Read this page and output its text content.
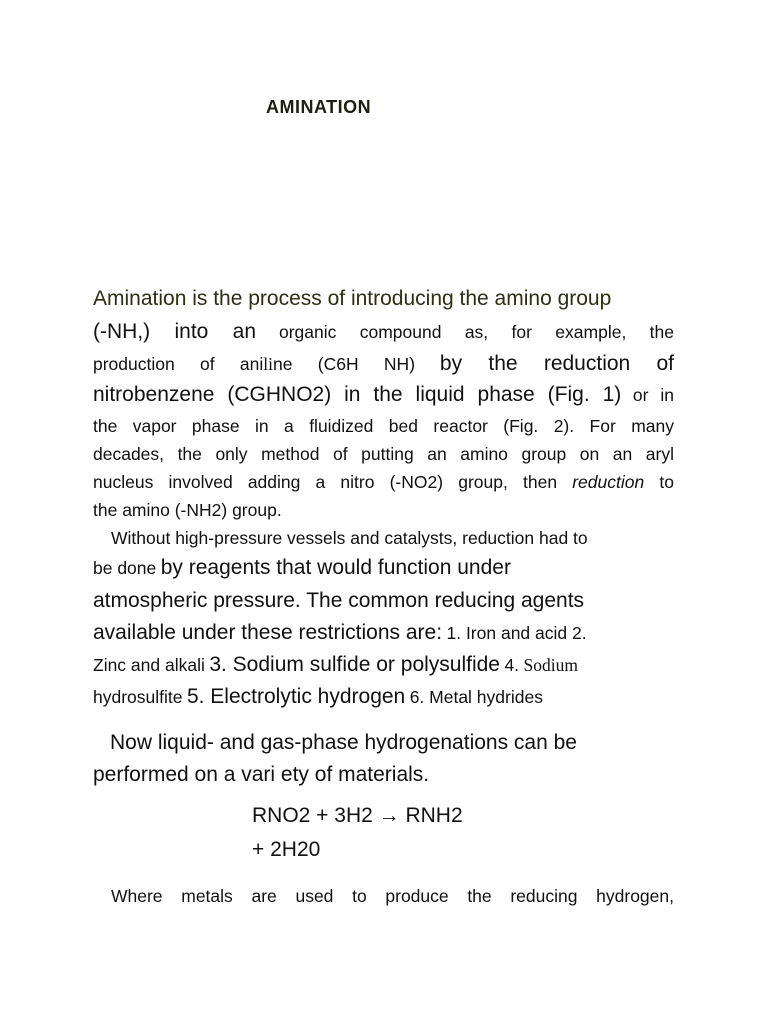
AMINATION
Amination is the process of introducing the amino group
(-NH,) into an organic compound as, for example, the
production of aniline (C6H NH) by the reduction of
nitrobenzene (CGHNO2) in the liquid phase (Fig. 1) or in
the vapor phase in a fluidized bed reactor (Fig. 2). For many
decades, the only method of putting an amino group on an aryl
nucleus involved adding a nitro (-NO2) group, then reduction to
the amino (-NH2) group.
Without high-pressure vessels and catalysts, reduction had to
be done by reagents that would function under
atmospheric pressure. The common reducing agents
available under these restrictions are: 1. Iron and acid 2.
Zinc and alkali 3. Sodium sulfide or polysulfide 4. Sodium
hydrosulfite 5. Electrolytic hydrogen 6. Metal hydrides
Now liquid- and gas-phase hydrogenations can be
performed on a vari ety of materials.
RNO2 + 3H2 → RNH2
+ 2H20
Where metals are used to produce the reducing hydrogen,
